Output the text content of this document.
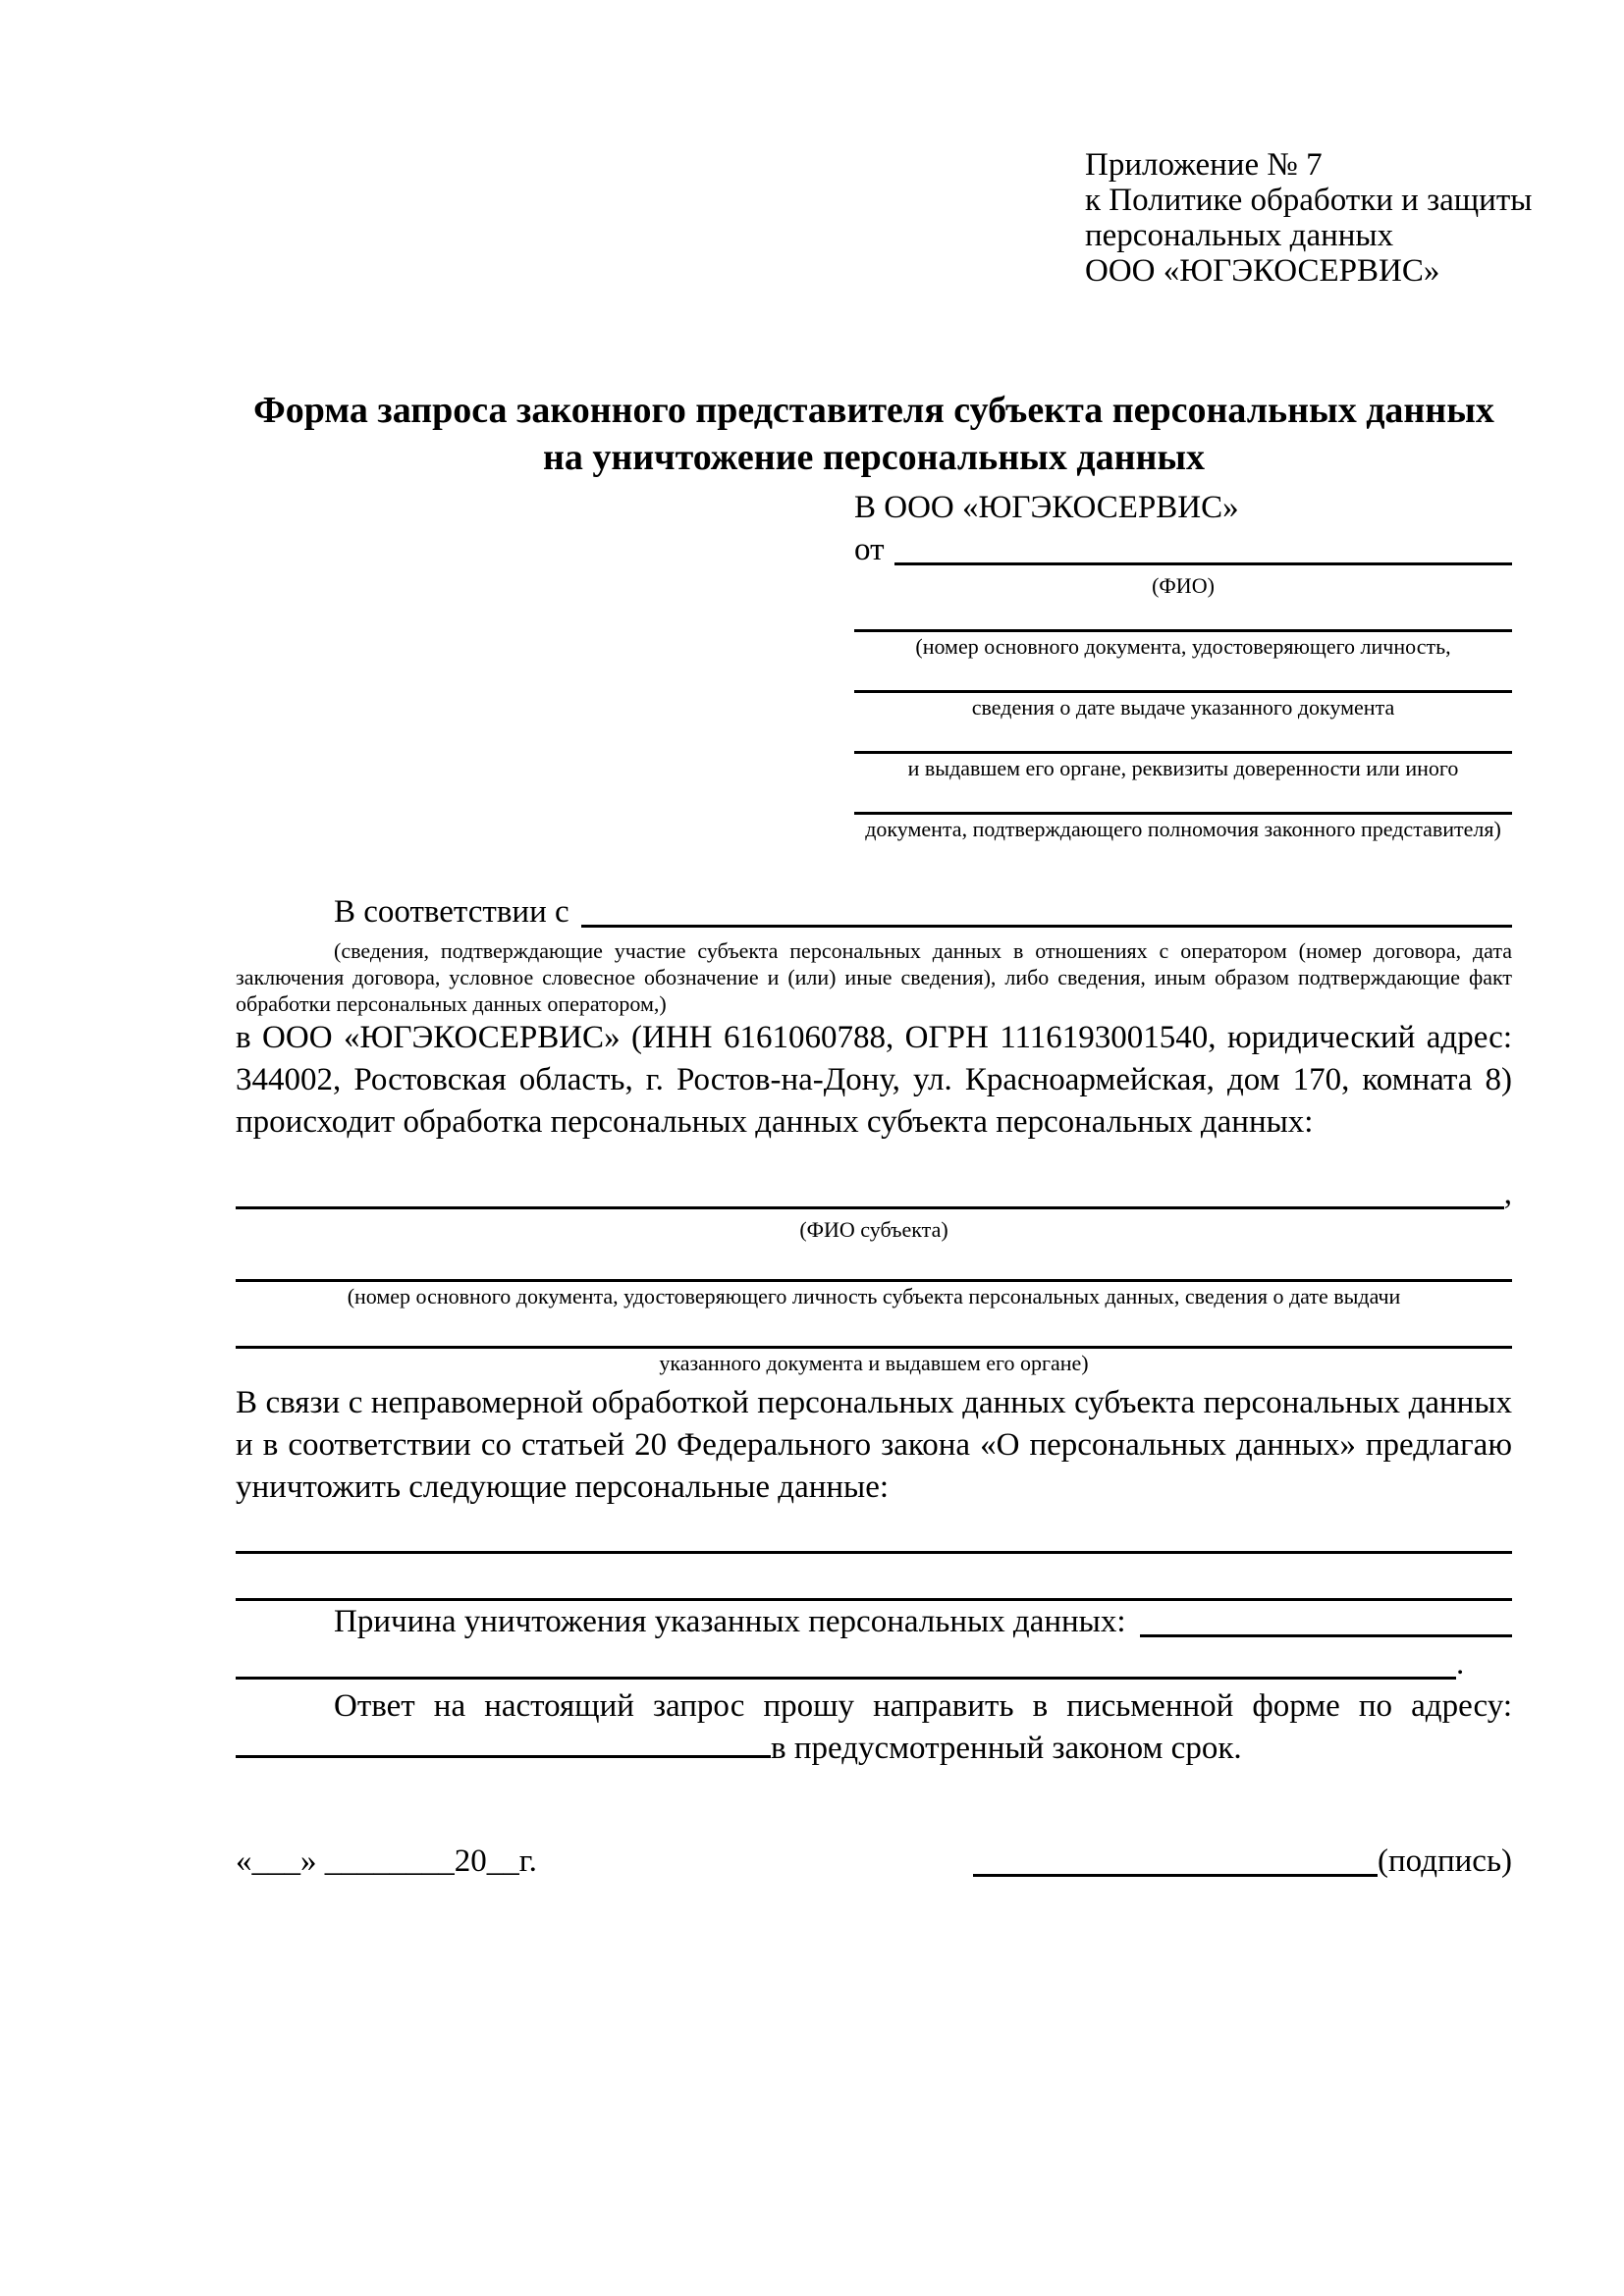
Приложение № 7
к Политике обработки и защиты
персональных данных
ООО «ЮГЭКОСЕРВИС»
Форма запроса законного представителя субъекта персональных данных
на уничтожение персональных данных
В ООО «ЮГЭКОСЕРВИС»
от
(ФИО)
(номер основного документа, удостоверяющего личность,
сведения о дате выдаче указанного документа
и выдавшем его органе, реквизиты доверенности или иного
документа, подтверждающего полномочия законного представителя)
В соответствии с
(сведения, подтверждающие участие субъекта персональных данных в отношениях с оператором (номер договора, дата заключения договора, условное словесное обозначение и (или) иные сведения), либо сведения, иным образом подтверждающие факт обработки персональных данных оператором,)

в ООО «ЮГЭКОСЕРВИС» (ИНН 6161060788, ОГРН 1116193001540, юридический адрес: 344002, Ростовская область, г. Ростов-на-Дону, ул. Красноармейская, дом 170, комната 8) происходит обработка персональных данных субъекта персональных данных:

,
(ФИО субъекта)
(номер основного документа, удостоверяющего личность субъекта персональных данных, сведения о дате выдачи
указанного документа и выдавшем его органе)

В связи с неправомерной обработкой персональных данных субъекта персональных данных и в соответствии со статьей 20 Федерального закона «О персональных данных» предлагаю уничтожить следующие персональные данные:

Причина уничтожения указанных персональных данных:
.

Ответ на настоящий запрос прошу направить в письменной форме по адресу: в предусмотренный законом срок.

«___» ________20__г.	(подпись)
